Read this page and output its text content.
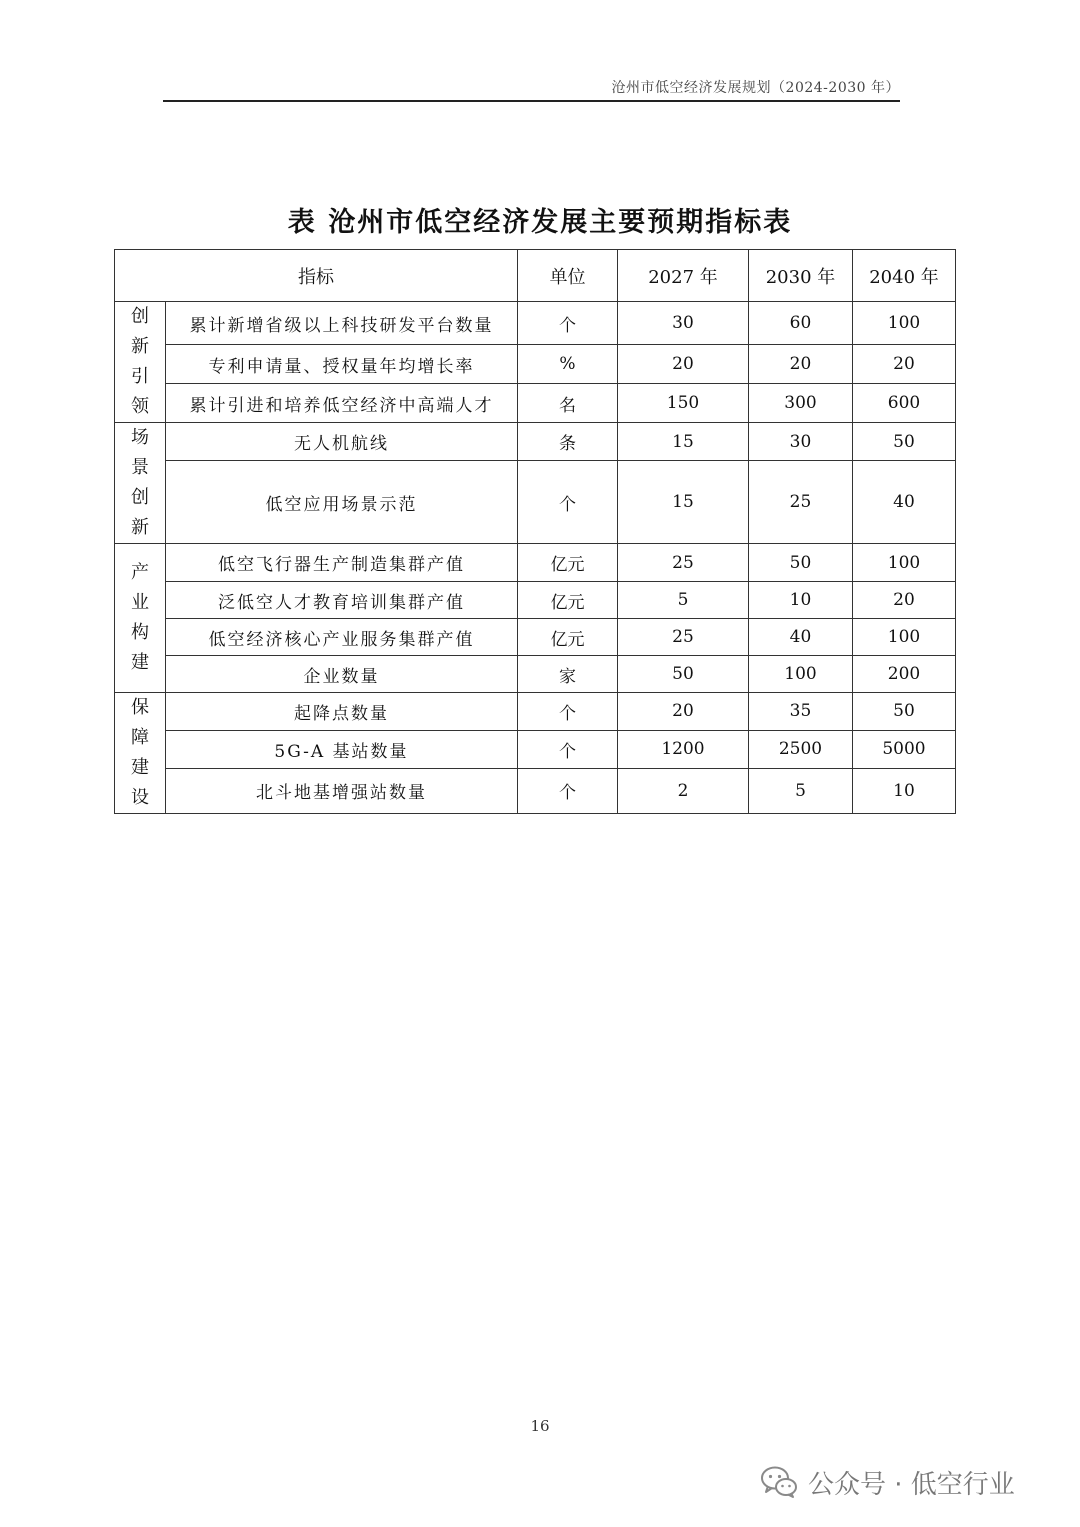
沧州市低空经济发展规划（2024-2030 年）
表 沧州市低空经济发展主要预期指标表
指标		单位	2027 年	2030 年	2040 年
创新引领	累计新增省级以上科技研发平台数量	个	30	60	100
	专利申请量、授权量年均增长率	%	20	20	20
	累计引进和培养低空经济中高端人才	名	150	300	600
场景创新	无人机航线	条	15	30	50
	低空应用场景示范	个	15	25	40
产业构建	低空飞行器生产制造集群产值	亿元	25	50	100
	泛低空人才教育培训集群产值	亿元	5	10	20
	低空经济核心产业服务集群产值	亿元	25	40	100
	企业数量	家	50	100	200
保障建设	起降点数量	个	20	35	50
	5G-A 基站数量	个	1200	2500	5000
	北斗地基增强站数量	个	2	5	10
16
公众号 · 低空行业
